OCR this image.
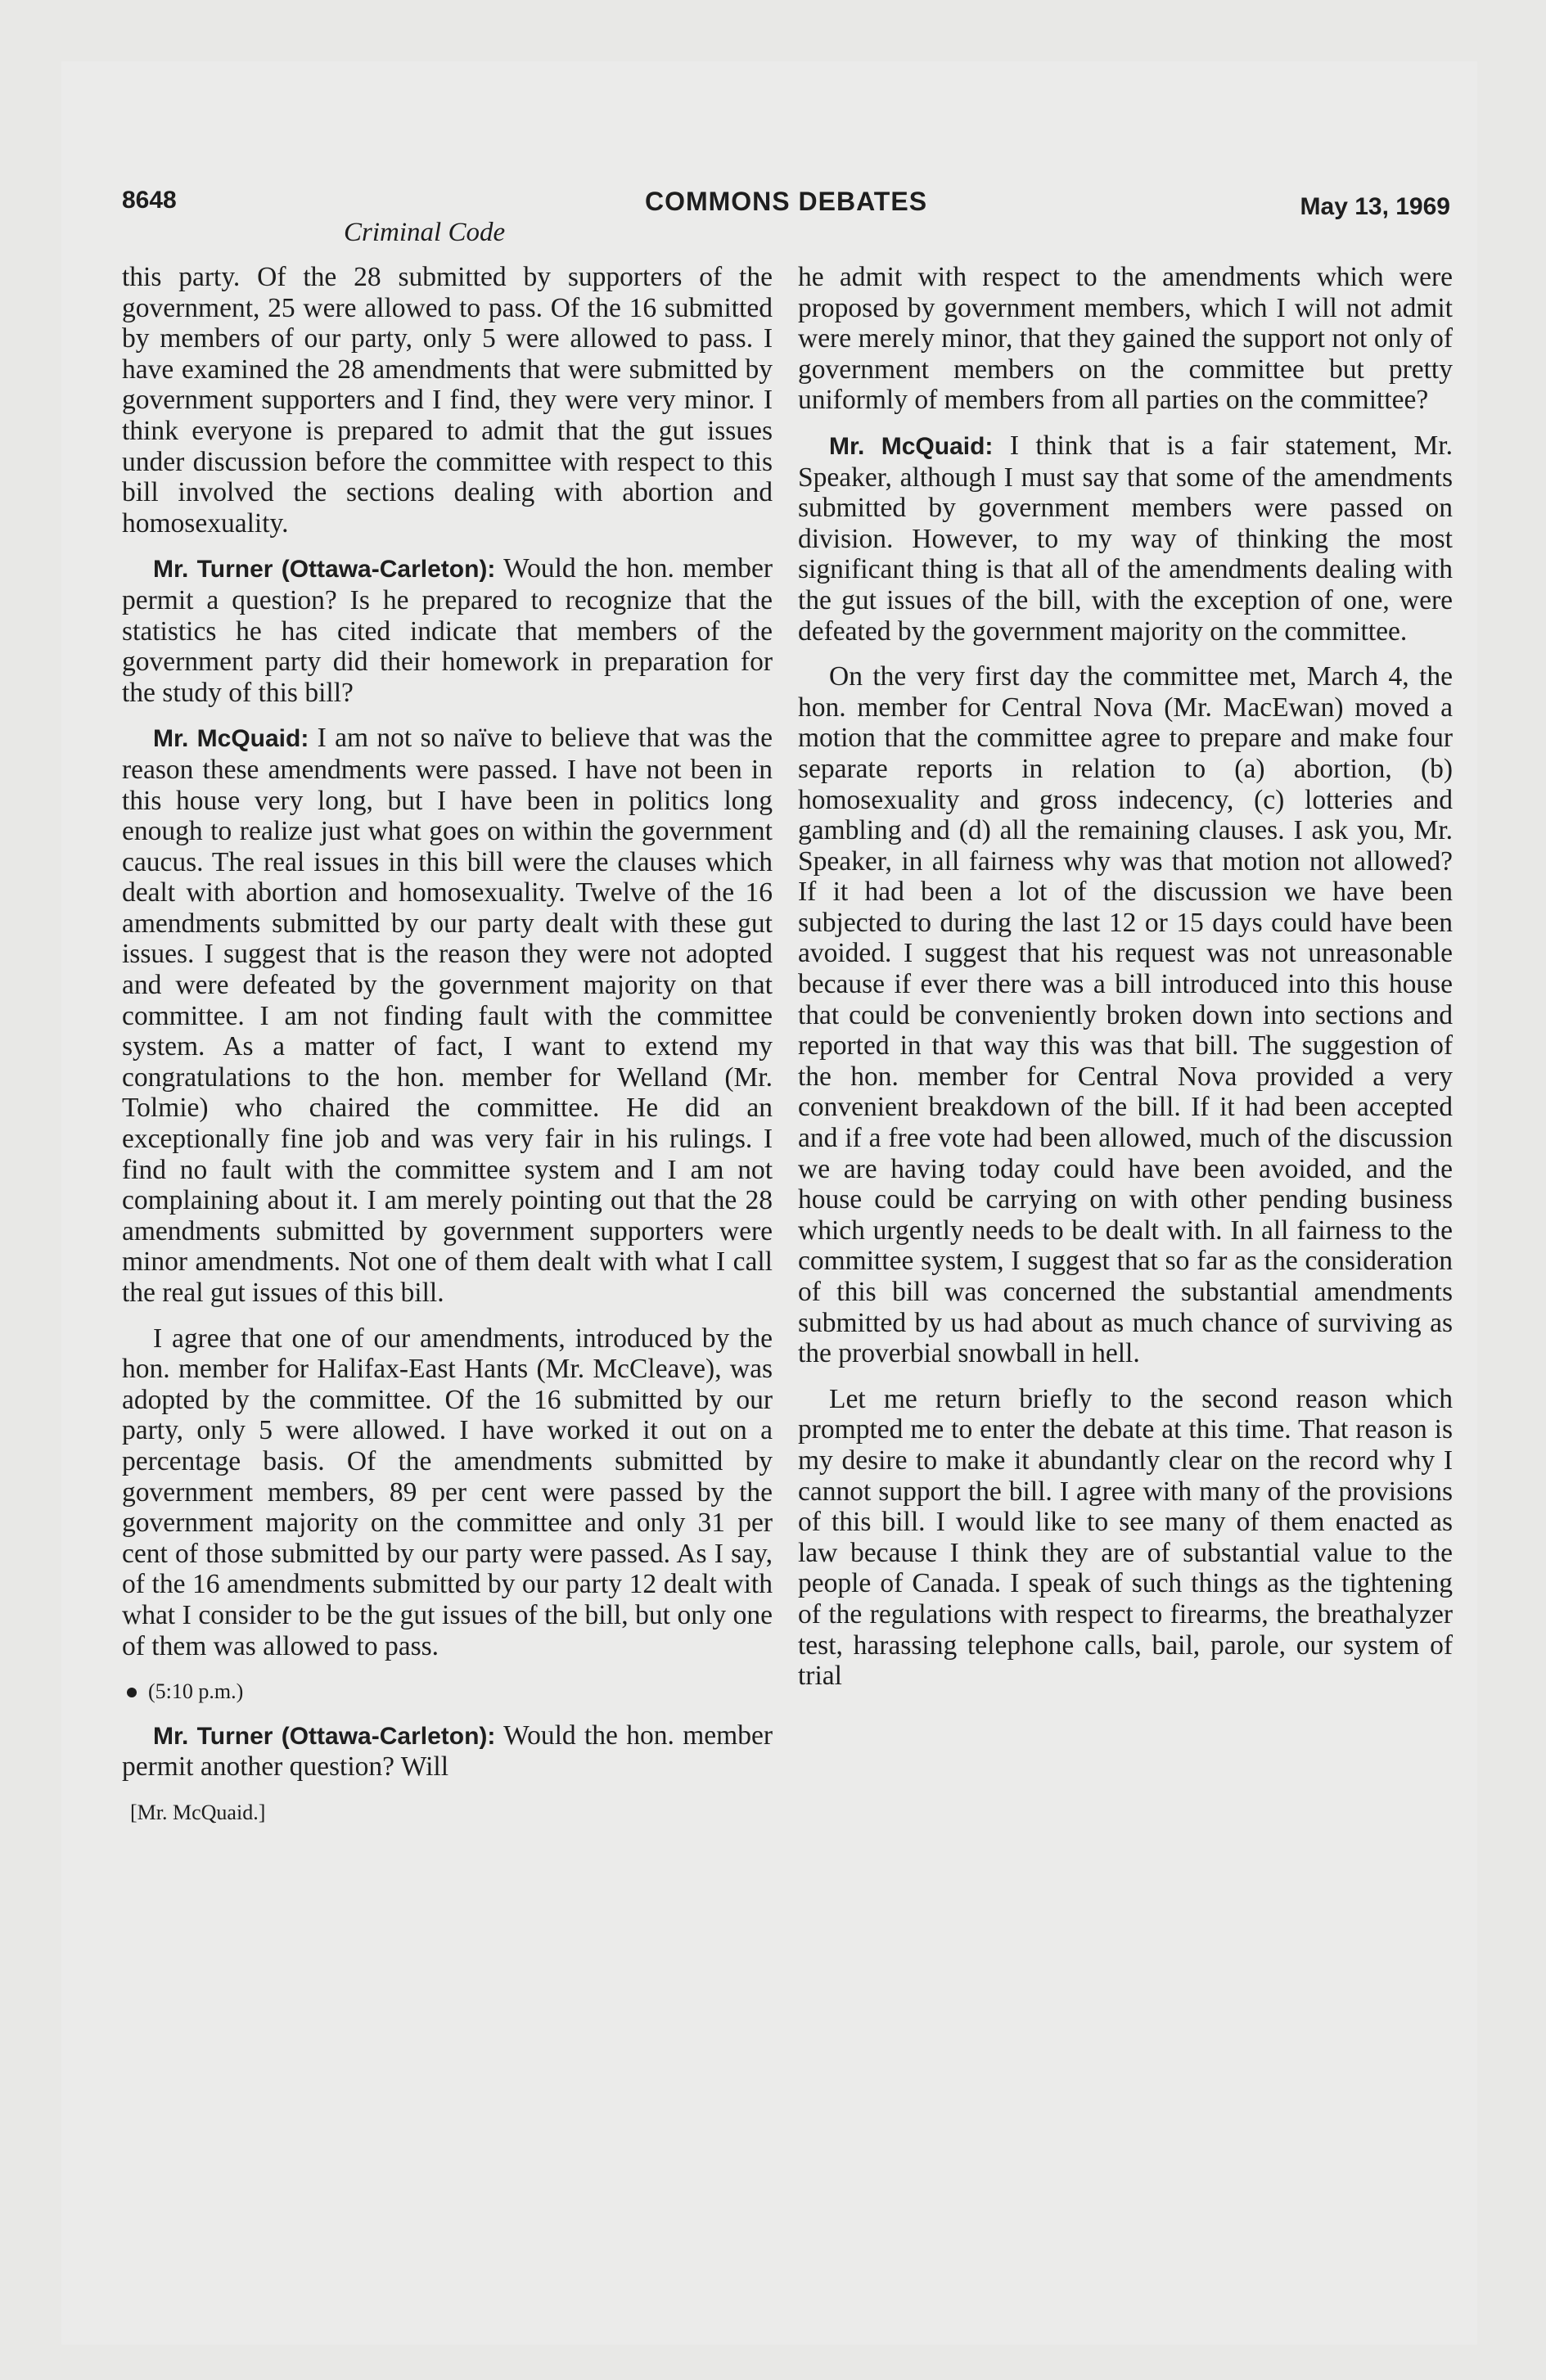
8648	COMMONS DEBATES	May 13, 1969
Criminal Code

this party. Of the 28 submitted by supporters of the government, 25 were allowed to pass. Of the 16 submitted by members of our party, only 5 were allowed to pass. I have examined the 28 amendments that were submitted by government supporters and I find, they were very minor. I think everyone is prepared to admit that the gut issues under discussion before the committee with respect to this bill involved the sections dealing with abortion and homosexuality.

Mr. Turner (Ottawa-Carleton): Would the hon. member permit a question? Is he prepared to recognize that the statistics he has cited indicate that members of the government party did their homework in preparation for the study of this bill?

Mr. McQuaid: I am not so naïve to believe that was the reason these amendments were passed. I have not been in this house very long, but I have been in politics long enough to realize just what goes on within the government caucus. The real issues in this bill were the clauses which dealt with abortion and homosexuality. Twelve of the 16 amendments submitted by our party dealt with these gut issues. I suggest that is the reason they were not adopted and were defeated by the government majority on that committee. I am not finding fault with the committee system. As a matter of fact, I want to extend my congratulations to the hon. member for Welland (Mr. Tolmie) who chaired the committee. He did an exceptionally fine job and was very fair in his rulings. I find no fault with the committee system and I am not complaining about it. I am merely pointing out that the 28 amendments submitted by government supporters were minor amendments. Not one of them dealt with what I call the real gut issues of this bill.

I agree that one of our amendments, introduced by the hon. member for Halifax-East Hants (Mr. McCleave), was adopted by the committee. Of the 16 submitted by our party, only 5 were allowed. I have worked it out on a percentage basis. Of the amendments submitted by government members, 89 per cent were passed by the government majority on the committee and only 31 per cent of those submitted by our party were passed. As I say, of the 16 amendments submitted by our party 12 dealt with what I consider to be the gut issues of the bill, but only one of them was allowed to pass.

(5:10 p.m.)

Mr. Turner (Ottawa-Carleton): Would the hon. member permit another question? Will

[Mr. McQuaid.]

he admit with respect to the amendments which were proposed by government members, which I will not admit were merely minor, that they gained the support not only of government members on the committee but pretty uniformly of members from all parties on the committee?

Mr. McQuaid: I think that is a fair statement, Mr. Speaker, although I must say that some of the amendments submitted by government members were passed on division. However, to my way of thinking the most significant thing is that all of the amendments dealing with the gut issues of the bill, with the exception of one, were defeated by the government majority on the committee.

On the very first day the committee met, March 4, the hon. member for Central Nova (Mr. MacEwan) moved a motion that the committee agree to prepare and make four separate reports in relation to (a) abortion, (b) homosexuality and gross indecency, (c) lotteries and gambling and (d) all the remaining clauses. I ask you, Mr. Speaker, in all fairness why was that motion not allowed? If it had been a lot of the discussion we have been subjected to during the last 12 or 15 days could have been avoided. I suggest that his request was not unreasonable because if ever there was a bill introduced into this house that could be conveniently broken down into sections and reported in that way this was that bill. The suggestion of the hon. member for Central Nova provided a very convenient breakdown of the bill. If it had been accepted and if a free vote had been allowed, much of the discussion we are having today could have been avoided, and the house could be carrying on with other pending business which urgently needs to be dealt with. In all fairness to the committee system, I suggest that so far as the consideration of this bill was concerned the substantial amendments submitted by us had about as much chance of surviving as the proverbial snowball in hell.

Let me return briefly to the second reason which prompted me to enter the debate at this time. That reason is my desire to make it abundantly clear on the record why I cannot support the bill. I agree with many of the provisions of this bill. I would like to see many of them enacted as law because I think they are of substantial value to the people of Canada. I speak of such things as the tightening of the regulations with respect to firearms, the breathalyzer test, harassing telephone calls, bail, parole, our system of trial
